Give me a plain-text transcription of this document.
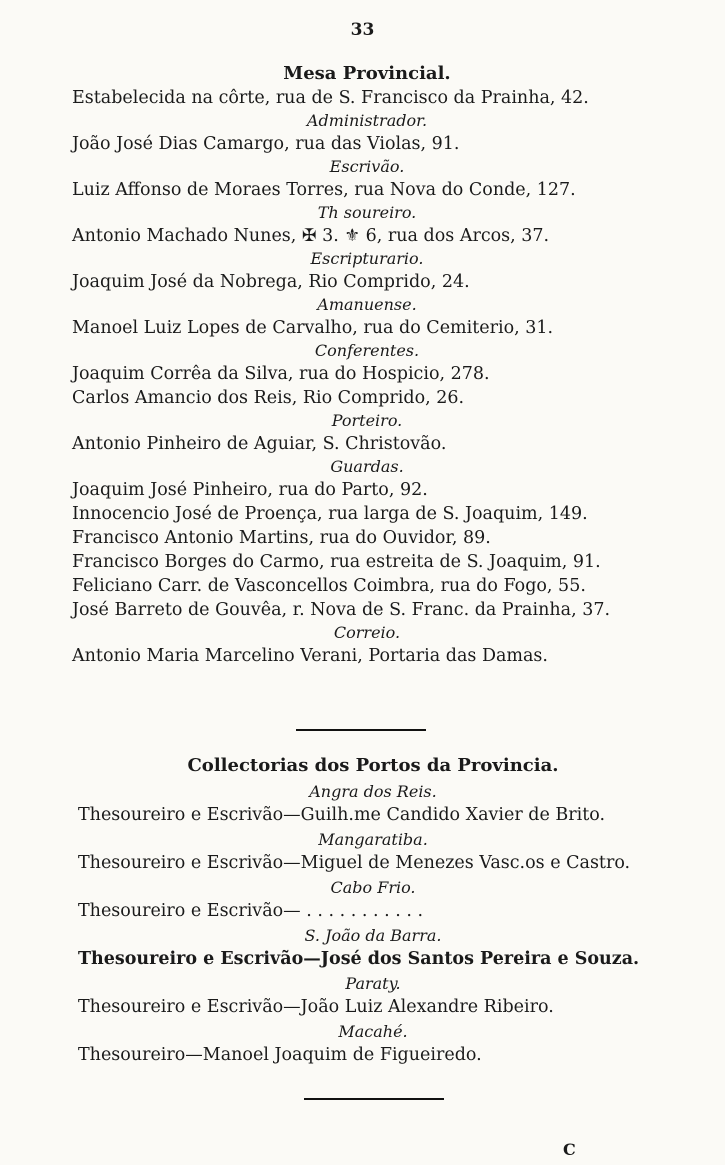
33
Mesa Provincial.
Estabelecida na côrte, rua de S. Francisco da Prainha, 42.
Administrador.
João José Dias Camargo, rua das Violas, 91.
Escrivão.
Luiz Affonso de Moraes Torres, rua Nova do Conde, 127.
Th soureiro.
Antonio Machado Nunes, ✠ 3. ⚜ 6, rua dos Arcos, 37.
Escripturario.
Joaquim José da Nobrega, Rio Comprido, 24.
Amanuense.
Manoel Luiz Lopes de Carvalho, rua do Cemiterio, 31.
Conferentes.
Joaquim Corrêa da Silva, rua do Hospicio, 278.
Carlos Amancio dos Reis, Rio Comprido, 26.
Porteiro.
Antonio Pinheiro de Aguiar, S. Christovão.
Guardas.
Joaquim José Pinheiro, rua do Parto, 92.
Innocencio José de Proença, rua larga de S. Joaquim, 149.
Francisco Antonio Martins, rua do Ouvidor, 89.
Francisco Borges do Carmo, rua estreita de S. Joaquim, 91.
Feliciano Carr. de Vasconcellos Coimbra, rua do Fogo, 55.
José Barreto de Gouvêa, r. Nova de S. Franc. da Prainha, 37.
Correio.
Antonio Maria Marcelino Verani, Portaria das Damas.
Collectorias dos Portos da Provincia.
Angra dos Reis.
Thesoureiro e Escrivão—Guilh.me Candido Xavier de Brito.
Mangaratiba.
Thesoureiro e Escrivão—Miguel de Menezes Vasc.os e Castro.
Cabo Frio.
Thesoureiro e Escrivão— . . . . . . . . . . .
S. João da Barra.
Thesoureiro e Escrivão—José dos Santos Pereira e Souza.
Paraty.
Thesoureiro e Escrivão—João Luiz Alexandre Ribeiro.
Macahé.
Thesoureiro—Manoel Joaquim de Figueiredo.
C
